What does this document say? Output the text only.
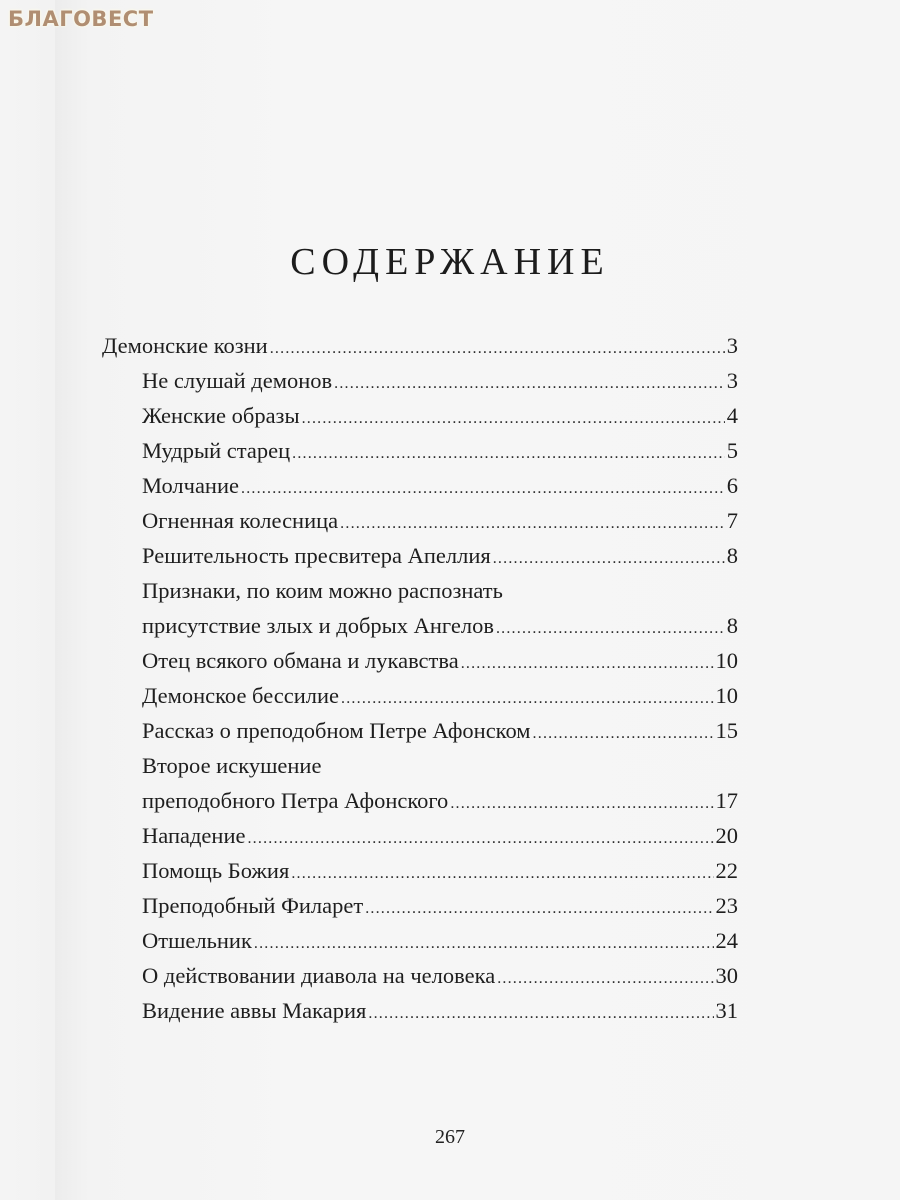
БЛАГОВЕСТ
СОДЕРЖАНИЕ
Демонские козни .....	3
Не слушай демонов .....	3
Женские образы .....	4
Мудрый старец .....	5
Молчание .....	6
Огненная колесница .....	7
Решительность пресвитера Апеллия .....	8
Признаки, по коим можно распознать
присутствие злых и добрых Ангелов .....	8
Отец всякого обмана и лукавства .....	10
Демонское бессилие .....	10
Рассказ о преподобном Петре Афонском .....	15
Второе искушение
преподобного Петра Афонского .....	17
Нападение .....	20
Помощь Божия .....	22
Преподобный Филарет .....	23
Отшельник .....	24
О действовании диавола на человека .....	30
Видение аввы Макария .....	31
267
